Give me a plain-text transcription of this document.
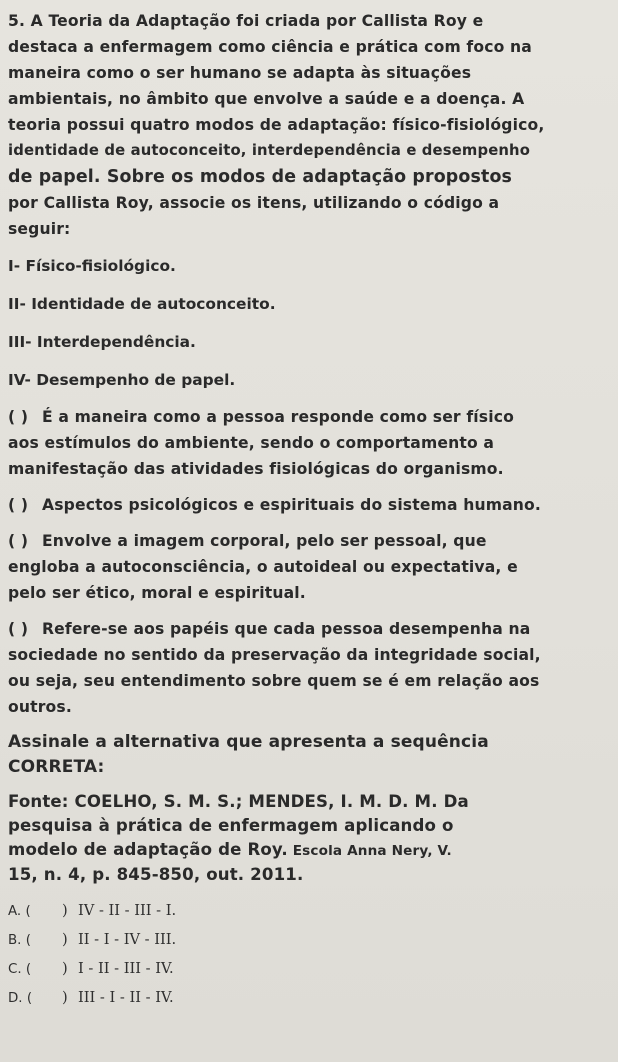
5. A Teoria da Adaptação foi criada por Callista Roy e
destaca a enfermagem como ciência e prática com foco na
maneira como o ser humano se adapta às situações
ambientais, no âmbito que envolve a saúde e a doença. A
teoria possui quatro modos de adaptação: físico-fisiológico,
identidade de autoconceito, interdependência e desempenho
de papel. Sobre os modos de adaptação propostos
por Callista Roy, associe os itens, utilizando o código a
seguir:

I- Físico-fisiológico.

II- Identidade de autoconceito.

III- Interdependência.

IV- Desempenho de papel.

( ) É a maneira como a pessoa responde como ser físico
aos estímulos do ambiente, sendo o comportamento a
manifestação das atividades fisiológicas do organismo.

( ) Aspectos psicológicos e espirituais do sistema humano.

( ) Envolve a imagem corporal, pelo ser pessoal, que
engloba a autoconsciência, o autoideal ou expectativa, e
pelo ser ético, moral e espiritual.

( ) Refere-se aos papéis que cada pessoa desempenha na
sociedade no sentido da preservação da integridade social,
ou seja, seu entendimento sobre quem se é em relação aos
outros.

Assinale a alternativa que apresenta a sequência
CORRETA:

Fonte: COELHO, S. M. S.; MENDES, I. M. D. M. Da
pesquisa à prática de enfermagem aplicando o
modelo de adaptação de Roy. Escola Anna Nery, V.
15, n. 4, p. 845-850, out. 2011.

A. ( ) IV - II - III - I.

B. ( ) II - I - IV - III.

C. ( ) I - II - III - IV.

D. ( ) III - I - II - IV.
